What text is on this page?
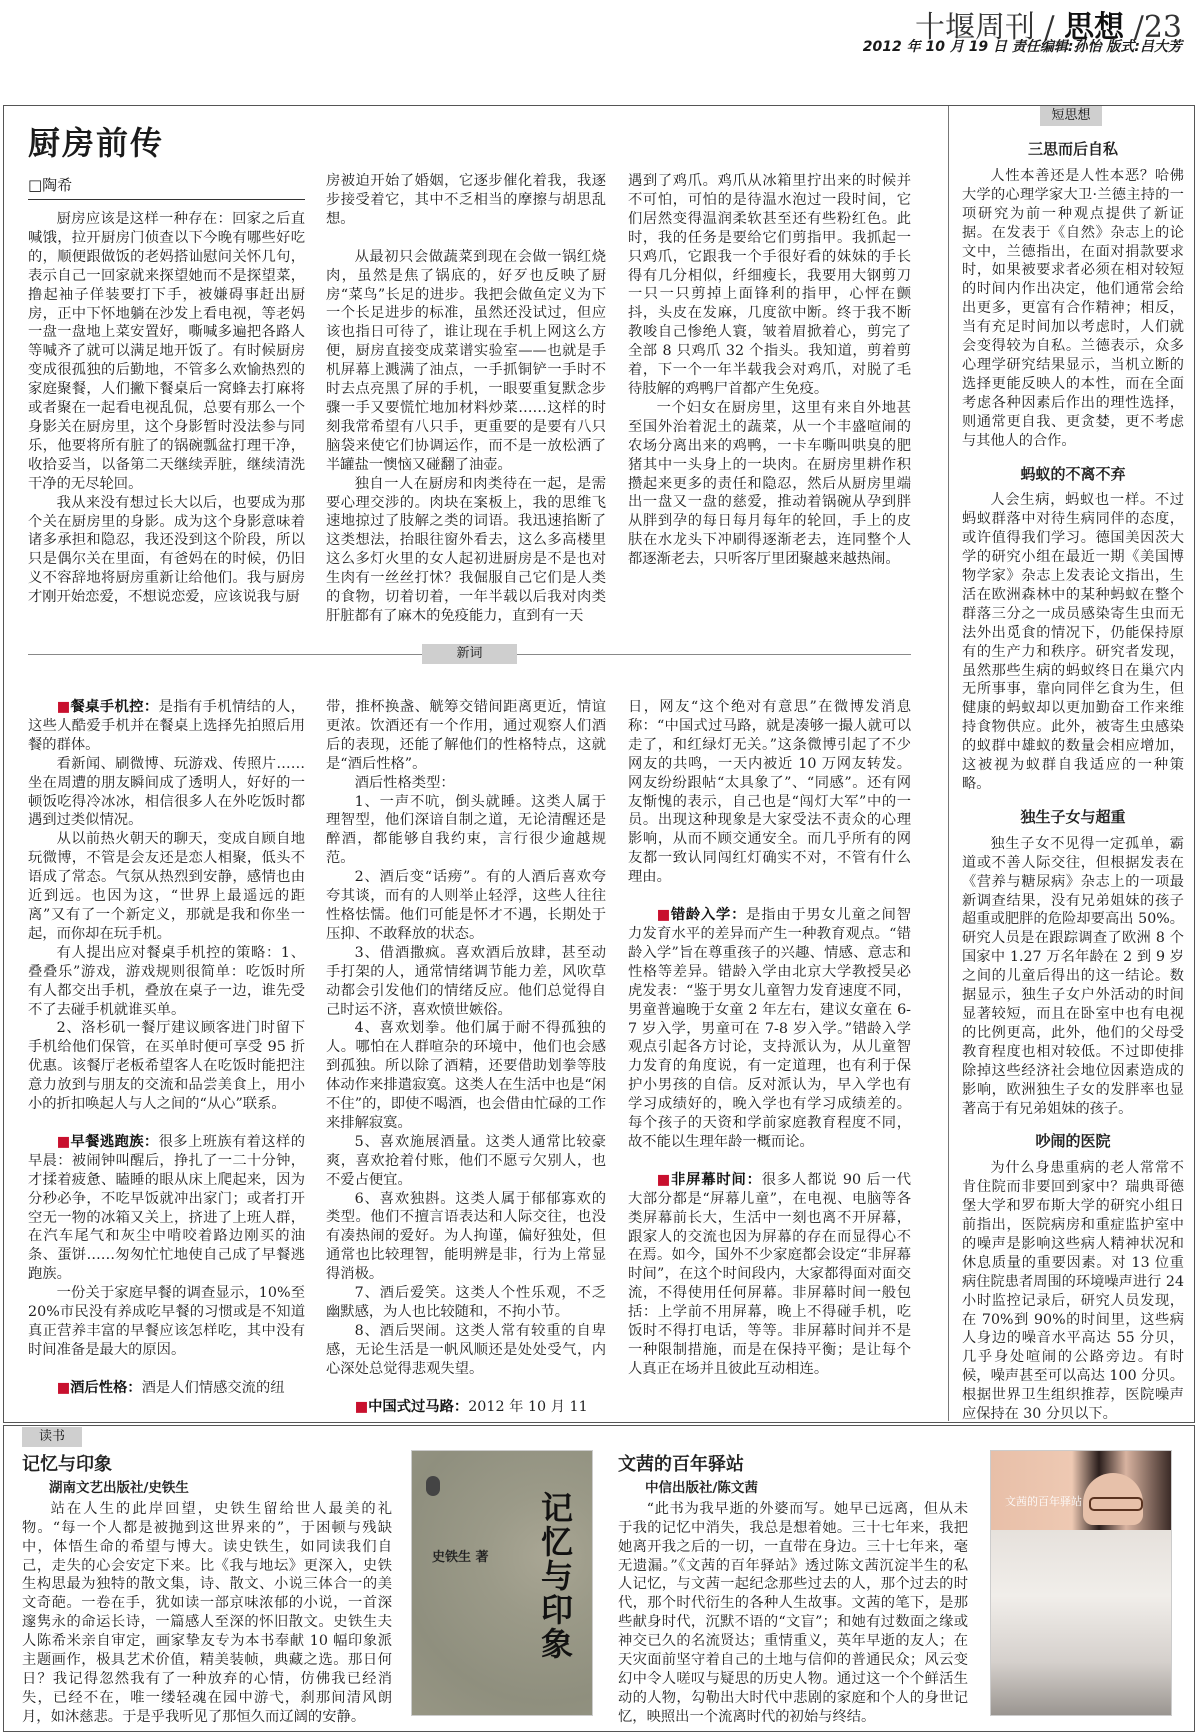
十堰周刊 / 思想 /23
2012 年 10 月 19 日 责任编辑:孙怡 版式:吕大芳
厨房前传
□陶希

厨房应该是这样一种存在：回家之后直喊饿，拉开厨房门侦查以下今晚有哪些好吃的，顺便跟做饭的老妈搭讪慰问关怀几句，表示自己一回家就来探望她而不是探望菜，撸起袖子佯装要打下手，被嫌碍事赶出厨房，正中下怀地躺在沙发上看电视，等老妈一盘一盘地上菜安置好，嘶喊多遍把各路人等喊齐了就可以满足地开饭了。有时候厨房变成很孤独的后勤地，不管多么欢愉热烈的家庭聚餐，人们撇下餐桌后一窝蜂去打麻将或者聚在一起看电视乱侃，总要有那么一个身影关在厨房里，这个身影暂时没法参与同乐，他要将所有脏了的锅碗瓢盆打理干净，收拾妥当，以备第二天继续弄脏，继续清洗干净的无尽轮回。

我从来没有想过长大以后，也要成为那个关在厨房里的身影。成为这个身影意味着诸多承担和隐忍，我还没到这个阶段，所以只是偶尔关在里面，有爸妈在的时候，仍旧义不容辞地将厨房重新让给他们。我与厨房才刚开始恋爱，不想说恋爱，应该说我与厨

房被迫开始了婚姻，它逐步催化着我，我逐步接受着它，其中不乏相当的摩擦与胡思乱想。

从最初只会做蔬菜到现在会做一锅红烧肉，虽然是焦了锅底的，好歹也反映了厨房“菜鸟”长足的进步。我把会做鱼定义为下一个长足进步的标准，虽然还没试过，但应该也指日可待了，谁让现在手机上网这么方便，厨房直接变成菜谱实验室——也就是手机屏幕上溅满了油点，一手抓铜铲一手时不时去点亮黑了屏的手机，一眼要重复默念步骤一手又要慌忙地加材料炒菜……这样的时刻我常希望有八只手，更重要的是要有八只脑袋来使它们协调运作，而不是一放松洒了半罐盐一懊恼又碰翻了油壶。

独自一人在厨房和肉类待在一起，是需要心理交涉的。肉块在案板上，我的思维飞速地掠过了肢解之类的词语。我迅速掐断了这类想法，抬眼往窗外看去，这么多高楼里这么多灯火里的女人起初进厨房是不是也对生肉有一丝丝打怵？我倔服自己它们是人类的食物，切着切着，一年半载以后我对肉类肝脏都有了麻木的免疫能力，直到有一天

遇到了鸡爪。鸡爪从冰箱里拧出来的时候并不可怕，可怕的是待温水泡过一段时间，它们居然变得温润柔软甚至还有些粉红色。此时，我的任务是要给它们剪指甲。我抓起一只鸡爪，它跟我一个手很好看的妹妹的手长得有几分相似，纤细瘦长，我要用大钢剪刀一只一只剪掉上面锋利的指甲，心怦在颤抖，头皮在发麻，几度欲中断。终于我不断教唆自己惨绝人寰，皱着眉掀着心，剪完了全部 8 只鸡爪 32 个指头。我知道，剪着剪着，下一个一年半载我会对鸡爪，对脱了毛待肢解的鸡鸭尸首都产生免疫。

一个妇女在厨房里，这里有来自外地甚至国外治着泥土的蔬菜，从一个丰盛喧闹的农场分离出来的鸡鸭，一卡车嘶叫哄臭的肥猪其中一头身上的一块肉。在厨房里耕作积攒起来更多的责任和隐忍，然后从厨房里端出一盘又一盘的慈爱，推动着锅碗从孕到胖从胖到孕的每日每月每年的轮回，手上的皮肤在水龙头下冲刷得逐渐老去，连同整个人都逐渐老去，只听客厅里团聚越来越热闹。

新词

■餐桌手机控：是指有手机情结的人，这些人酷爱手机并在餐桌上选择先拍照后用餐的群体。

看新闻、刷微博、玩游戏、传照片……坐在周遭的朋友瞬间成了透明人，好好的一顿饭吃得冷冰冰，相信很多人在外吃饭时都遇到过类似情况。

从以前热火朝天的聊天，变成自顾自地玩微博，不管是会友还是恋人相聚，低头不语成了常态。气氛从热烈到安静，感情也由近到远。也因为这，“世界上最遥远的距离”又有了一个新定义，那就是我和你坐一起，而你却在玩手机。

有人提出应对餐桌手机控的策略：1、叠叠乐”游戏，游戏规则很简单：吃饭时所有人都交出手机，叠放在桌子一边，谁先受不了去碰手机就谁买单。

2、洛杉矶一餐厅建议顾客进门时留下手机给他们保管，在买单时便可享受 95 折优惠。该餐厅老板希望客人在吃饭时能把注意力放到与朋友的交流和品尝美食上，用小小的折扣唤起人与人之间的“从心”联系。

■早餐逃跑族：很多上班族有着这样的早晨：被闹钟叫醒后，挣扎了一二十分钟，才揉着疲惫、瞌睡的眼从床上爬起来，因为分秒必争，不吃早饭就冲出家门；或者打开空无一物的冰箱又关上，挤进了上班人群，在汽车尾气和灰尘中啃咬着路边刚买的油条、蛋饼……匆匆忙忙地使自己成了早餐逃跑族。

一份关于家庭早餐的调查显示，10%至 20%市民没有养成吃早餐的习惯或是不知道真正营养丰富的早餐应该怎样吃，其中没有时间准备是最大的原因。

■酒后性格：酒是人们情感交流的纽

带，推杯换盏、觥筹交错间距离更近，情谊更浓。饮酒还有一个作用，通过观察人们酒后的表现，还能了解他们的性格特点，这就是“酒后性格”。

酒后性格类型：

1、一声不吭，倒头就睡。这类人属于理智型，他们深谙自制之道，无论清醒还是醉酒，都能够自我约束，言行很少逾越规范。

2、酒后变“话痨”。有的人酒后喜欢夸夸其谈，而有的人则举止轻浮，这些人往往性格怯懦。他们可能是怀才不遇，长期处于压抑、不敢释放的状态。

3、借酒撒疯。喜欢酒后放肆，甚至动手打架的人，通常情绪调节能力差，风吹草动都会引发他们的情绪反应。他们总觉得自己时运不济，喜欢愤世嫉俗。

4、喜欢划拳。他们属于耐不得孤独的人。哪怕在人群喧杂的环境中，他们也会感到孤独。所以除了酒精，还要借助划拳等肢体动作来排遣寂寞。这类人在生活中也是“闲不住”的，即使不喝酒，也会借由忙碌的工作来排解寂寞。

5、喜欢施展酒量。这类人通常比较豪爽，喜欢抢着付账，他们不愿亏欠别人，也不爱占便宜。

6、喜欢独斟。这类人属于郁郁寡欢的类型。他们不擅言语表达和人际交往，也没有凑热闹的爱好。为人拘谨，偏好独处，但通常也比较理智，能明辨是非，行为上常显得消极。

7、酒后爱笑。这类人个性乐观，不乏幽默感，为人也比较随和，不拘小节。

8、酒后哭闹。这类人常有较重的自卑感，无论生活是一帆风顺还是处处受气，内心深处总觉得悲观失望。

■中国式过马路：2012 年 10 月 11

日，网友“这个绝对有意思”在微博发消息称：“中国式过马路，就是凑够一撮人就可以走了，和红绿灯无关。”这条微博引起了不少网友的共鸣，一天内被近 10 万网友转发。网友纷纷跟帖“太具象了”、“同感”。还有网友惭愧的表示，自己也是“闯灯大军”中的一员。出现这种现象是大家受法不责众的心理影响，从而不顾交通安全。而几乎所有的网友都一致认同闯红灯确实不对，不管有什么理由。

■错龄入学：是指由于男女儿童之间智力发育水平的差异而产生一种教育观点。“错龄入学”旨在尊重孩子的兴趣、情感、意志和性格等差异。错龄入学由北京大学教授吴必虎发表：“鉴于男女儿童智力发育速度不同，男童普遍晚于女童 2 年左右，建议女童在 6-7 岁入学，男童可在 7-8 岁入学。”错龄入学观点引起各方讨论，支持派认为，从儿童智力发育的角度说，有一定道理，也有利于保护小男孩的自信。反对派认为，早入学也有学习成绩好的，晚入学也有学习成绩差的。每个孩子的天资和学前家庭教育程度不同，故不能以生理年龄一概而论。

■非屏幕时间：很多人都说 90 后一代大部分都是“屏幕儿童”，在电视、电脑等各类屏幕前长大，生活中一刻也离不开屏幕，跟家人的交流也因为屏幕的存在而显得心不在焉。如今，国外不少家庭都会设定“非屏幕时间”，在这个时间段内，大家都得面对面交流，不得使用任何屏幕。非屏幕时间一般包括：上学前不用屏幕，晚上不得碰手机，吃饭时不得打电话，等等。非屏幕时间并不是一种限制措施，而是在保持平衡；是让每个人真正在场并且彼此互动相连。

短思想
三思而后自私

人性本善还是人性本恶？哈佛大学的心理学家大卫·兰德主持的一项研究为前一种观点提供了新证据。在发表于《自然》杂志上的论文中，兰德指出，在面对捐款要求时，如果被要求者必须在相对较短的时间内作出决定，他们通常会给出更多，更富有合作精神；相反，当有充足时间加以考虑时，人们就会变得较为自私。兰德表示，众多心理学研究结果显示，当机立断的选择更能反映人的本性，而在全面考虑各种因素后作出的理性选择，则通常更自我、更贪婪，更不考虑与其他人的合作。

蚂蚁的不离不弃

人会生病，蚂蚁也一样。不过蚂蚁群落中对待生病同伴的态度，或许值得我们学习。德国美因茨大学的研究小组在最近一期《美国博物学家》杂志上发表论文指出，生活在欧洲森林中的某种蚂蚁在整个群落三分之一成员感染寄生虫而无法外出觅食的情况下，仍能保持原有的生产力和秩序。研究者发现，虽然那些生病的蚂蚁终日在巢穴内无所事事，靠向同伴乞食为生，但健康的蚂蚁却以更加勤奋工作来维持食物供应。此外，被寄生虫感染的蚁群中雄蚁的数量会相应增加，这被视为蚁群自我适应的一种策略。

独生子女与超重

独生子女不见得一定孤单，霸道或不善人际交往，但根据发表在《营养与糖尿病》杂志上的一项最新调查结果，没有兄弟姐妹的孩子超重或肥胖的危险却要高出 50%。研究人员是在跟踪调查了欧洲 8 个国家中 1.27 万名年龄在 2 到 9 岁之间的儿童后得出的这一结论。数据显示，独生子女户外活动的时间显著较短，而且在卧室中也有电视的比例更高，此外，他们的父母受教育程度也相对较低。不过即使排除掉这些经济社会地位因素造成的影响，欧洲独生子女的发胖率也显著高于有兄弟姐妹的孩子。

吵闹的医院

为什么身患重病的老人常常不肯住院而非要回到家中？瑞典哥德堡大学和罗布斯大学的研究小组日前指出，医院病房和重症监护室中的噪声是影响这些病人精神状况和休息质量的重要因素。对 13 位重病住院患者周围的环境噪声进行 24 小时监控记录后，研究人员发现，在 70%到 90%的时间里，这些病人身边的噪音水平高达 55 分贝，几乎身处喧闹的公路旁边。有时候，噪声甚至可以高达 100 分贝。根据世界卫生组织推荐，医院噪声应保持在 30 分贝以下。

读书
记忆与印象
湖南文艺出版社/史铁生

站在人生的此岸回望，史铁生留给世人最美的礼物。“每一个人都是被抛到这世界来的”，于困顿与残缺中，体悟生命的希望与博大。读史铁生，如同读我们自己，走失的心会安定下来。比《我与地坛》更深入，史铁生构思最为独特的散文集，诗、散文、小说三体合一的美文奇葩。一卷在手，犹如读一部京味浓郁的小说，一首深邃隽永的命运长诗，一篇感人至深的怀旧散文。史铁生夫人陈希米亲自审定，画家挚友专为本书奉献 10 幅印象派主题画作，极具艺术价值，精美装帧，典藏之选。那日何日？我记得忽然我有了一种放弃的心情，仿佛我已经消失，已经不在，唯一缕轻魂在园中游弋，刹那间清风朗月，如沐慈悲。于是乎我听见了那恒久而辽阔的安静。

史铁生 著 记忆与印象
文茜的百年驿站
中信出版社/陈文茜

“此书为我早逝的外婆而写。她早已远离，但从未于我的记忆中消失，我总是想着她。三十七年来，我把她离开我之后的一切，一直带在身边。三十七年来，毫无遗漏。”《文茜的百年驿站》透过陈文茜沉淀半生的私人记忆，与文茜一起纪念那些过去的人，那个过去的时代，那个时代衍生的各种人生故事。文茜的笔下，是那些献身时代，沉默不语的“文盲”；和她有过数面之缘或神交已久的名流贤达；重情重义，英年早逝的友人；在天灾面前坚守着自己的土地与信仰的普通民众；风云变幻中令人嗟叹与疑思的历史人物。通过这一个个鲜活生动的人物，勾勒出大时代中悲剧的家庭和个人的身世记忆，映照出一个流离时代的初始与终结。

文茜的百年驿站
